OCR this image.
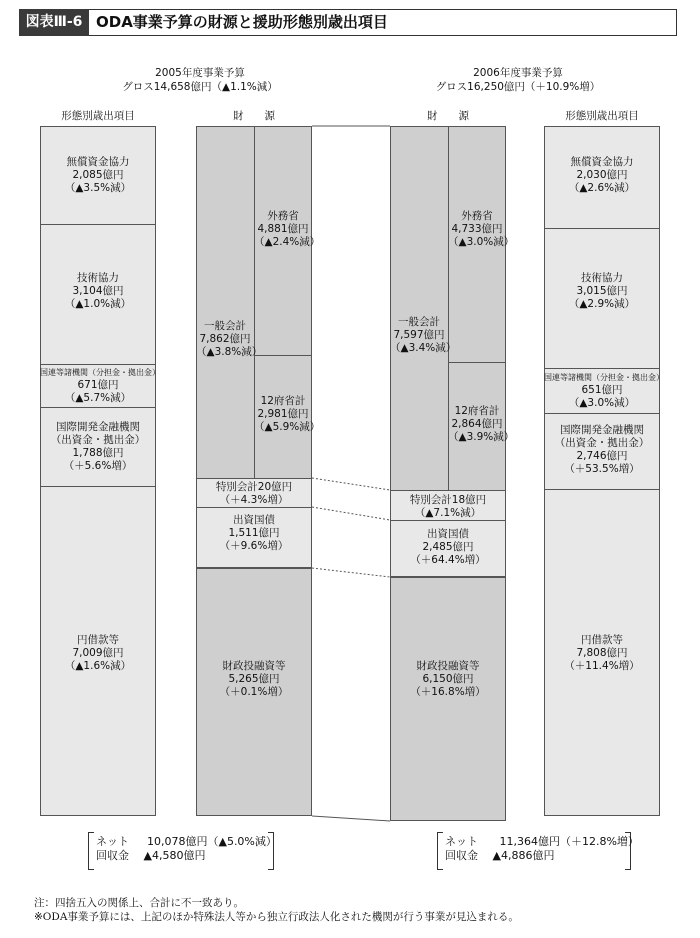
図表Ⅲ-6 ODA事業予算の財源と援助形態別歳出項目
2005年度事業予算
グロス14,658億円（▲1.1%減）
形態別歳出項目	財　　源
2006年度事業予算
グロス16,250億円（＋10.9%増）
財　　源	形態別歳出項目
無償資金協力
2,085億円
（▲3.5%減）
技術協力
3,104億円
（▲1.0%減）
国連等諸機関（分担金・拠出金）
671億円
（▲5.7%減）
国際開発金融機関
（出資金・拠出金）
1,788億円
（＋5.6%増）
円借款等
7,009億円
（▲1.6%減）
一般会計
7,862億円
（▲3.8%減）
外務省
4,881億円
（▲2.4%減）
12府省計
2,981億円
（▲5.9%減）
特別会計20億円
（＋4.3%増）
出資国債
1,511億円
（＋9.6%増）
財政投融資等
5,265億円
（＋0.1%増）
一般会計
7,597億円
（▲3.4%減）
外務省
4,733億円
（▲3.0%減）
12府省計
2,864億円
（▲3.9%減）
特別会計18億円
（▲7.1%減）
出資国債
2,485億円
（＋64.4%増）
財政投融資等
6,150億円
（＋16.8%増）
無償資金協力
2,030億円
（▲2.6%減）
技術協力
3,015億円
（▲2.9%減）
国連等諸機関（分担金・拠出金）
651億円
（▲3.0%減）
国際開発金融機関
（出資金・拠出金）
2,746億円
（＋53.5%増）
円借款等
7,808億円
（＋11.4%増）
ネット　  10,078億円（▲5.0%減）
回収金　 ▲4,580億円
ネット　   11,364億円（＋12.8%増）
回収金　 ▲4,886億円
注：四捨五入の関係上、合計に不一致あり。
※ODA事業予算には、上記のほか特殊法人等から独立行政法人化された機関が行う事業が見込まれる。
